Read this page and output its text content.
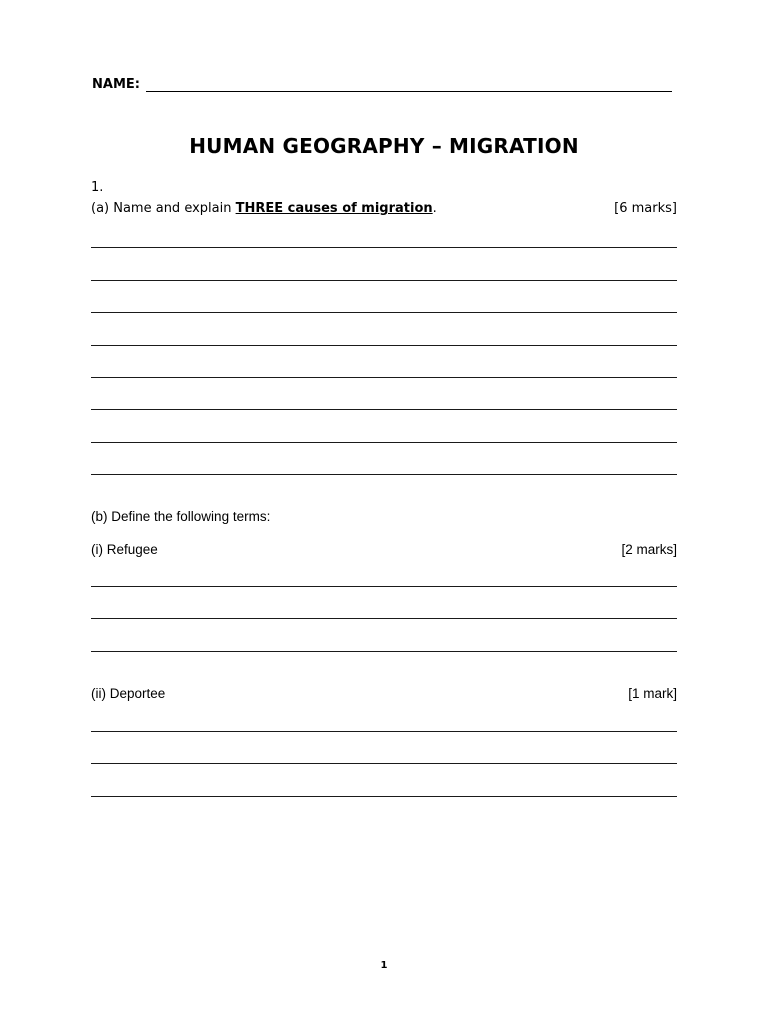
NAME:
HUMAN GEOGRAPHY – MIGRATION
1.
(a) Name and explain THREE causes of migration.	[6 marks]
(b) Define the following terms:
(i) Refugee	[2 marks]
(ii) Deportee	[1 mark]
1
